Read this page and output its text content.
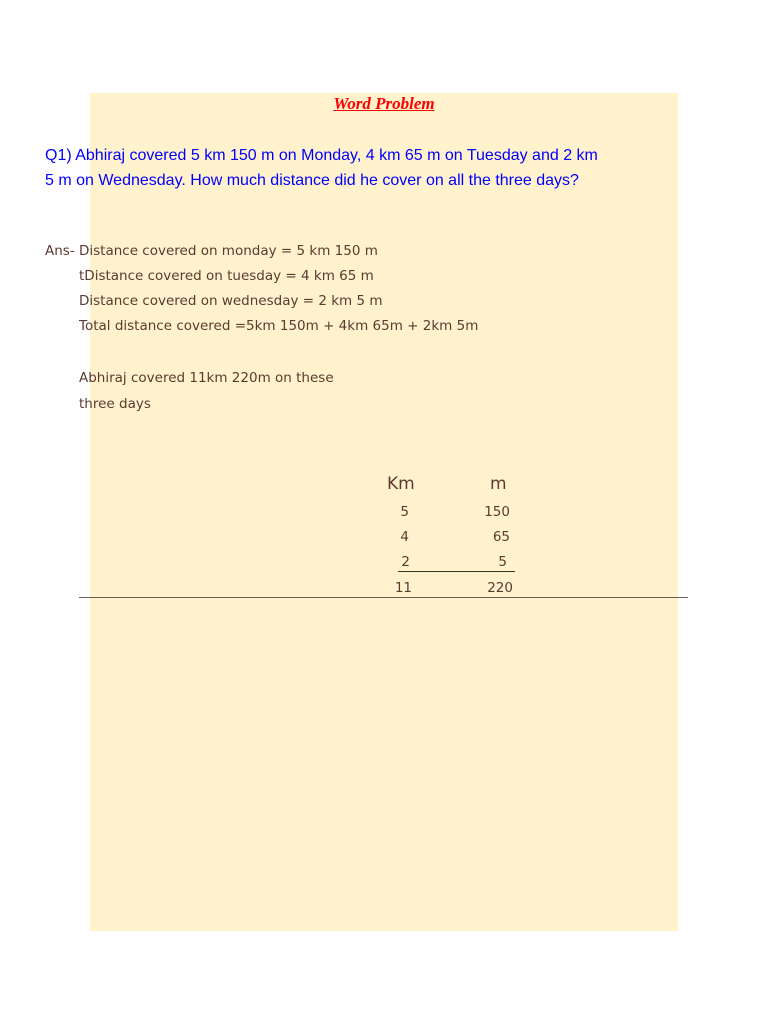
Word Problem
Q1) Abhiraj covered 5 km 150 m on Monday, 4 km 65 m on Tuesday and 2 km 5 m on Wednesday. How much distance did he cover on all the three days?
Ans- Distance covered on monday = 5 km 150 m
tDistance covered on tuesday = 4 km 65 m
Distance covered on wednesday = 2 km 5 m
Total distance covered =5km 150m + 4km 65m + 2km 5m
Abhiraj covered 11km 220m on these
three days
Km	m
5	150
4	65
2	5
11	220
